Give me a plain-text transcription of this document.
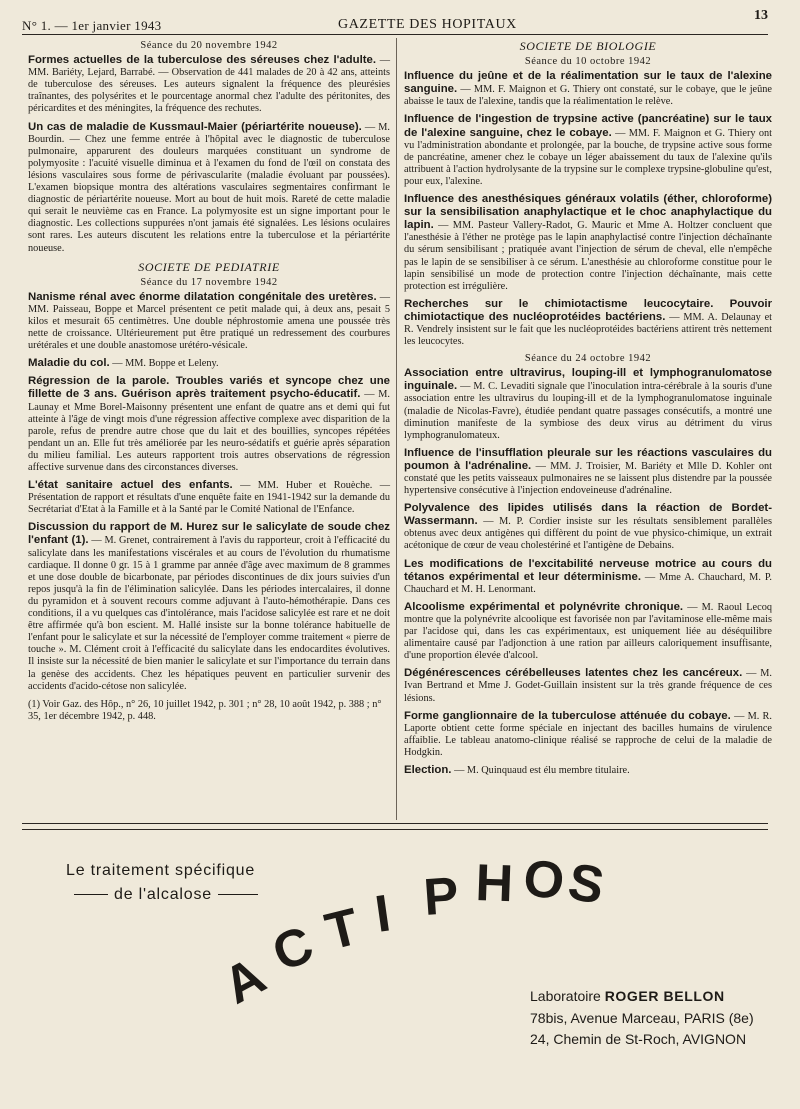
N° 1. — 1er janvier 1943	GAZETTE DES HOPITAUX
13
Séance du 20 novembre 1942
Formes actuelles de la tuberculose des séreuses chez l'adulte. — MM. Bariéty, Lejard, Barrabé. — Observation de 441 malades de 20 à 42 ans, atteints de tuberculose des séreuses. Les auteurs signalent la fréquence des pleurésies traînantes, des polysérites et le pourcentage anormal chez l'adulte des péritonites, des péricardites et des méningites, la fréquence des rechutes.
Un cas de maladie de Kussmaul-Maier (périartérite noueuse). — M. Bourdin. — Chez une femme entrée à l'hôpital avec le diagnostic de tuberculose pulmonaire, apparurent des douleurs marquées constituant un syndrome de polymyosite : l'acuité visuelle diminua et à l'examen du fond de l'œil on constata des lésions vasculaires sous forme de périvascularite (maladie évoluant par poussées). L'examen biopsique montra des altérations vasculaires segmentaires confirmant le diagnostic de périartérite noueuse. Mort au bout de huit mois. Rareté de cette maladie qui serait le neuvième cas en France. La polymyosite est un signe important pour le diagnostic. Les collections suppurées n'ont jamais été signalées. Les lésions oculaires sont rares. Les auteurs discutent les relations entre la tuberculose et la périartérite noueuse.
SOCIETE DE PEDIATRIE
Séance du 17 novembre 1942
Nanisme rénal avec énorme dilatation congénitale des uretères. — MM. Paisseau, Boppe et Marcel présentent ce petit malade qui, à deux ans, pesait 5 kilos et mesurait 65 centimètres. Une double néphrostomie amena une poussée très nette de croissance. Ultérieurement put être pratiqué un redressement des courbures urétérales et une double anastomose urétéro-vésicale.
Maladie du col. — MM. Boppe et Leleny.
Régression de la parole. Troubles variés et syncope chez une fillette de 3 ans. Guérison après traitement psycho-éducatif. — M. Launay et Mme Borel-Maisonny présentent une enfant de quatre ans et demi qui fut atteinte à l'âge de vingt mois d'une régression affective complexe avec disparition de la parole, refus de prendre autre chose que du lait et des bouillies, syncopes répétées pendant un an. Elle fut très améliorée par les neuro-sédatifs et guérie après séparation du milieu familial. Les auteurs rapportent trois autres observations de régression affective survenue dans des circonstances diverses.
L'état sanitaire actuel des enfants. — MM. Huber et Rouèche. — Présentation de rapport et résultats d'une enquête faite en 1941-1942 sur la demande du Secrétariat d'Etat à la Famille et à la Santé par le Comité National de l'Enfance.
Discussion du rapport de M. Hurez sur le salicylate de soude chez l'enfant (1). — M. Grenet, contrairement à l'avis du rapporteur, croit à l'efficacité du salicylate dans les manifestations viscérales et au cours de l'évolution du rhumatisme cardiaque. Il donne 0 gr. 15 à 1 gramme par année d'âge avec maximum de 8 grammes et une dose double de bicarbonate, par périodes discontinues de dix jours suivies d'un repos jusqu'à la fin de l'élimination salicylée. Dans les périodes intercalaires, il donne du pyramidon et à souvent recours comme adjuvant à l'auto-hémothérapie. Dans ces conditions, il a vu quelques cas d'intolérance, mais l'acidose salicylée est rare et ne doit être affirmée qu'à bon escient. M. Hallé insiste sur la bonne tolérance habituelle de l'enfant pour le salicylate et sur la nécessité de l'employer comme traitement « pierre de touche ». M. Clément croit à l'efficacité du salicylate dans les endocardites évolutives. Il insiste sur la nécessité de bien manier le salicylate et sur l'importance du terrain dans la genèse des accidents. Chez les hépatiques peuvent en particulier survenir des accidents d'acido-cétose non salicylée.
(1) Voir Gaz. des Hôp., n° 26, 10 juillet 1942, p. 301 ; n° 28, 10 août 1942, p. 388 ; n° 35, 1er décembre 1942, p. 448.
SOCIETE DE BIOLOGIE
Séance du 10 octobre 1942
Influence du jeûne et de la réalimentation sur le taux de l'alexine sanguine. — MM. F. Maignon et G. Thiery ont constaté, sur le cobaye, que le jeûne abaisse le taux de l'alexine, tandis que la réalimentation le relève.
Influence de l'ingestion de trypsine active (pancréatine) sur le taux de l'alexine sanguine, chez le cobaye. — MM. F. Maignon et G. Thiery ont vu l'administration abondante et prolongée, par la bouche, de trypsine active sous forme de pancréatine, amener chez le cobaye un léger abaissement du taux de l'alexine qu'ils attribuent à l'action hydrolysante de la trypsine sur le complexe trypsine-globuline qu'est, pour eux, l'alexine.
Influence des anesthésiques généraux volatils (éther, chloroforme) sur la sensibilisation anaphylactique et le choc anaphylactique du lapin. — MM. Pasteur Vallery-Radot, G. Mauric et Mme A. Holtzer concluent que l'anesthésie à l'éther ne protège pas le lapin anaphylactisé contre l'injection déchaînante du sérum sensibilisant ; pratiquée avant l'injection de sérum de cheval, elle n'empêche pas le lapin de se sensibiliser à ce sérum. L'anesthésie au chloroforme constitue pour le lapin sensibilisé un mode de protection contre l'injection déchaînante, mais cette protection est irrégulière.
Recherches sur le chimiotactisme leucocytaire. Pouvoir chimiotactique des nucléoprotéides bactériens. — MM. A. Delaunay et R. Vendrely insistent sur le fait que les nucléoprotéides bactériens attirent très nettement les leucocytes.
Séance du 24 octobre 1942
Association entre ultravirus, louping-ill et lymphogranulomatose inguinale. — M. C. Levaditi signale que l'inoculation intra-cérébrale à la souris d'une association entre les ultravirus du louping-ill et de la lymphogranulomatose inguinale (maladie de Nicolas-Favre), étudiée pendant quatre passages consécutifs, a montré une diminution manifeste de la symbiose des deux virus au détriment du virus lymphogranulomateux.
Influence de l'insufflation pleurale sur les réactions vasculaires du poumon à l'adrénaline. — MM. J. Troisier, M. Bariéty et Mlle D. Kohler ont constaté que les petits vaisseaux pulmonaires ne se laissent plus distendre par la poussée hypertensive consécutive à l'injection endoveineuse d'adrénaline.
Polyvalence des lipides utilisés dans la réaction de Bordet-Wassermann. — M. P. Cordier insiste sur les résultats sensiblement parallèles obtenus avec deux antigènes qui diffèrent du point de vue physico-chimique, un extrait acétonique de cœur de veau cholestériné et l'antigène de Debains.
Les modifications de l'excitabilité nerveuse motrice au cours du tétanos expérimental et leur déterminisme. — Mme A. Chauchard, M. P. Chauchard et M. H. Lenormant.
Alcoolisme expérimental et polynévrite chronique. — M. Raoul Lecoq montre que la polynévrite alcoolique est favorisée non par l'avitaminose elle-même mais par l'acidose qui, dans les cas expérimentaux, est uniquement liée au déséquilibre alimentaire causé par l'adjonction à une ration par ailleurs caloriquement insuffisante, d'une proportion élevée d'alcool.
Dégénérescences cérébelleuses latentes chez les cancéreux. — M. Ivan Bertrand et Mme J. Godet-Guillain insistent sur la très grande fréquence de ces lésions.
Forme ganglionnaire de la tuberculose atténuée du cobaye. — M. R. Laporte obtient cette forme spéciale en injectant des bacilles humains de virulence affaiblie. Le tableau anatomo-clinique réalisé se rapproche de celui de la maladie de Hodgkin.
Election. — M. Quinquaud est élu membre titulaire.
Le traitement spécifique
de l'alcalose
A
C
T I P H O
S
Laboratoire ROGER BELLON
78bis, Avenue Marceau, PARIS (8e)
24, Chemin de St-Roch, AVIGNON
